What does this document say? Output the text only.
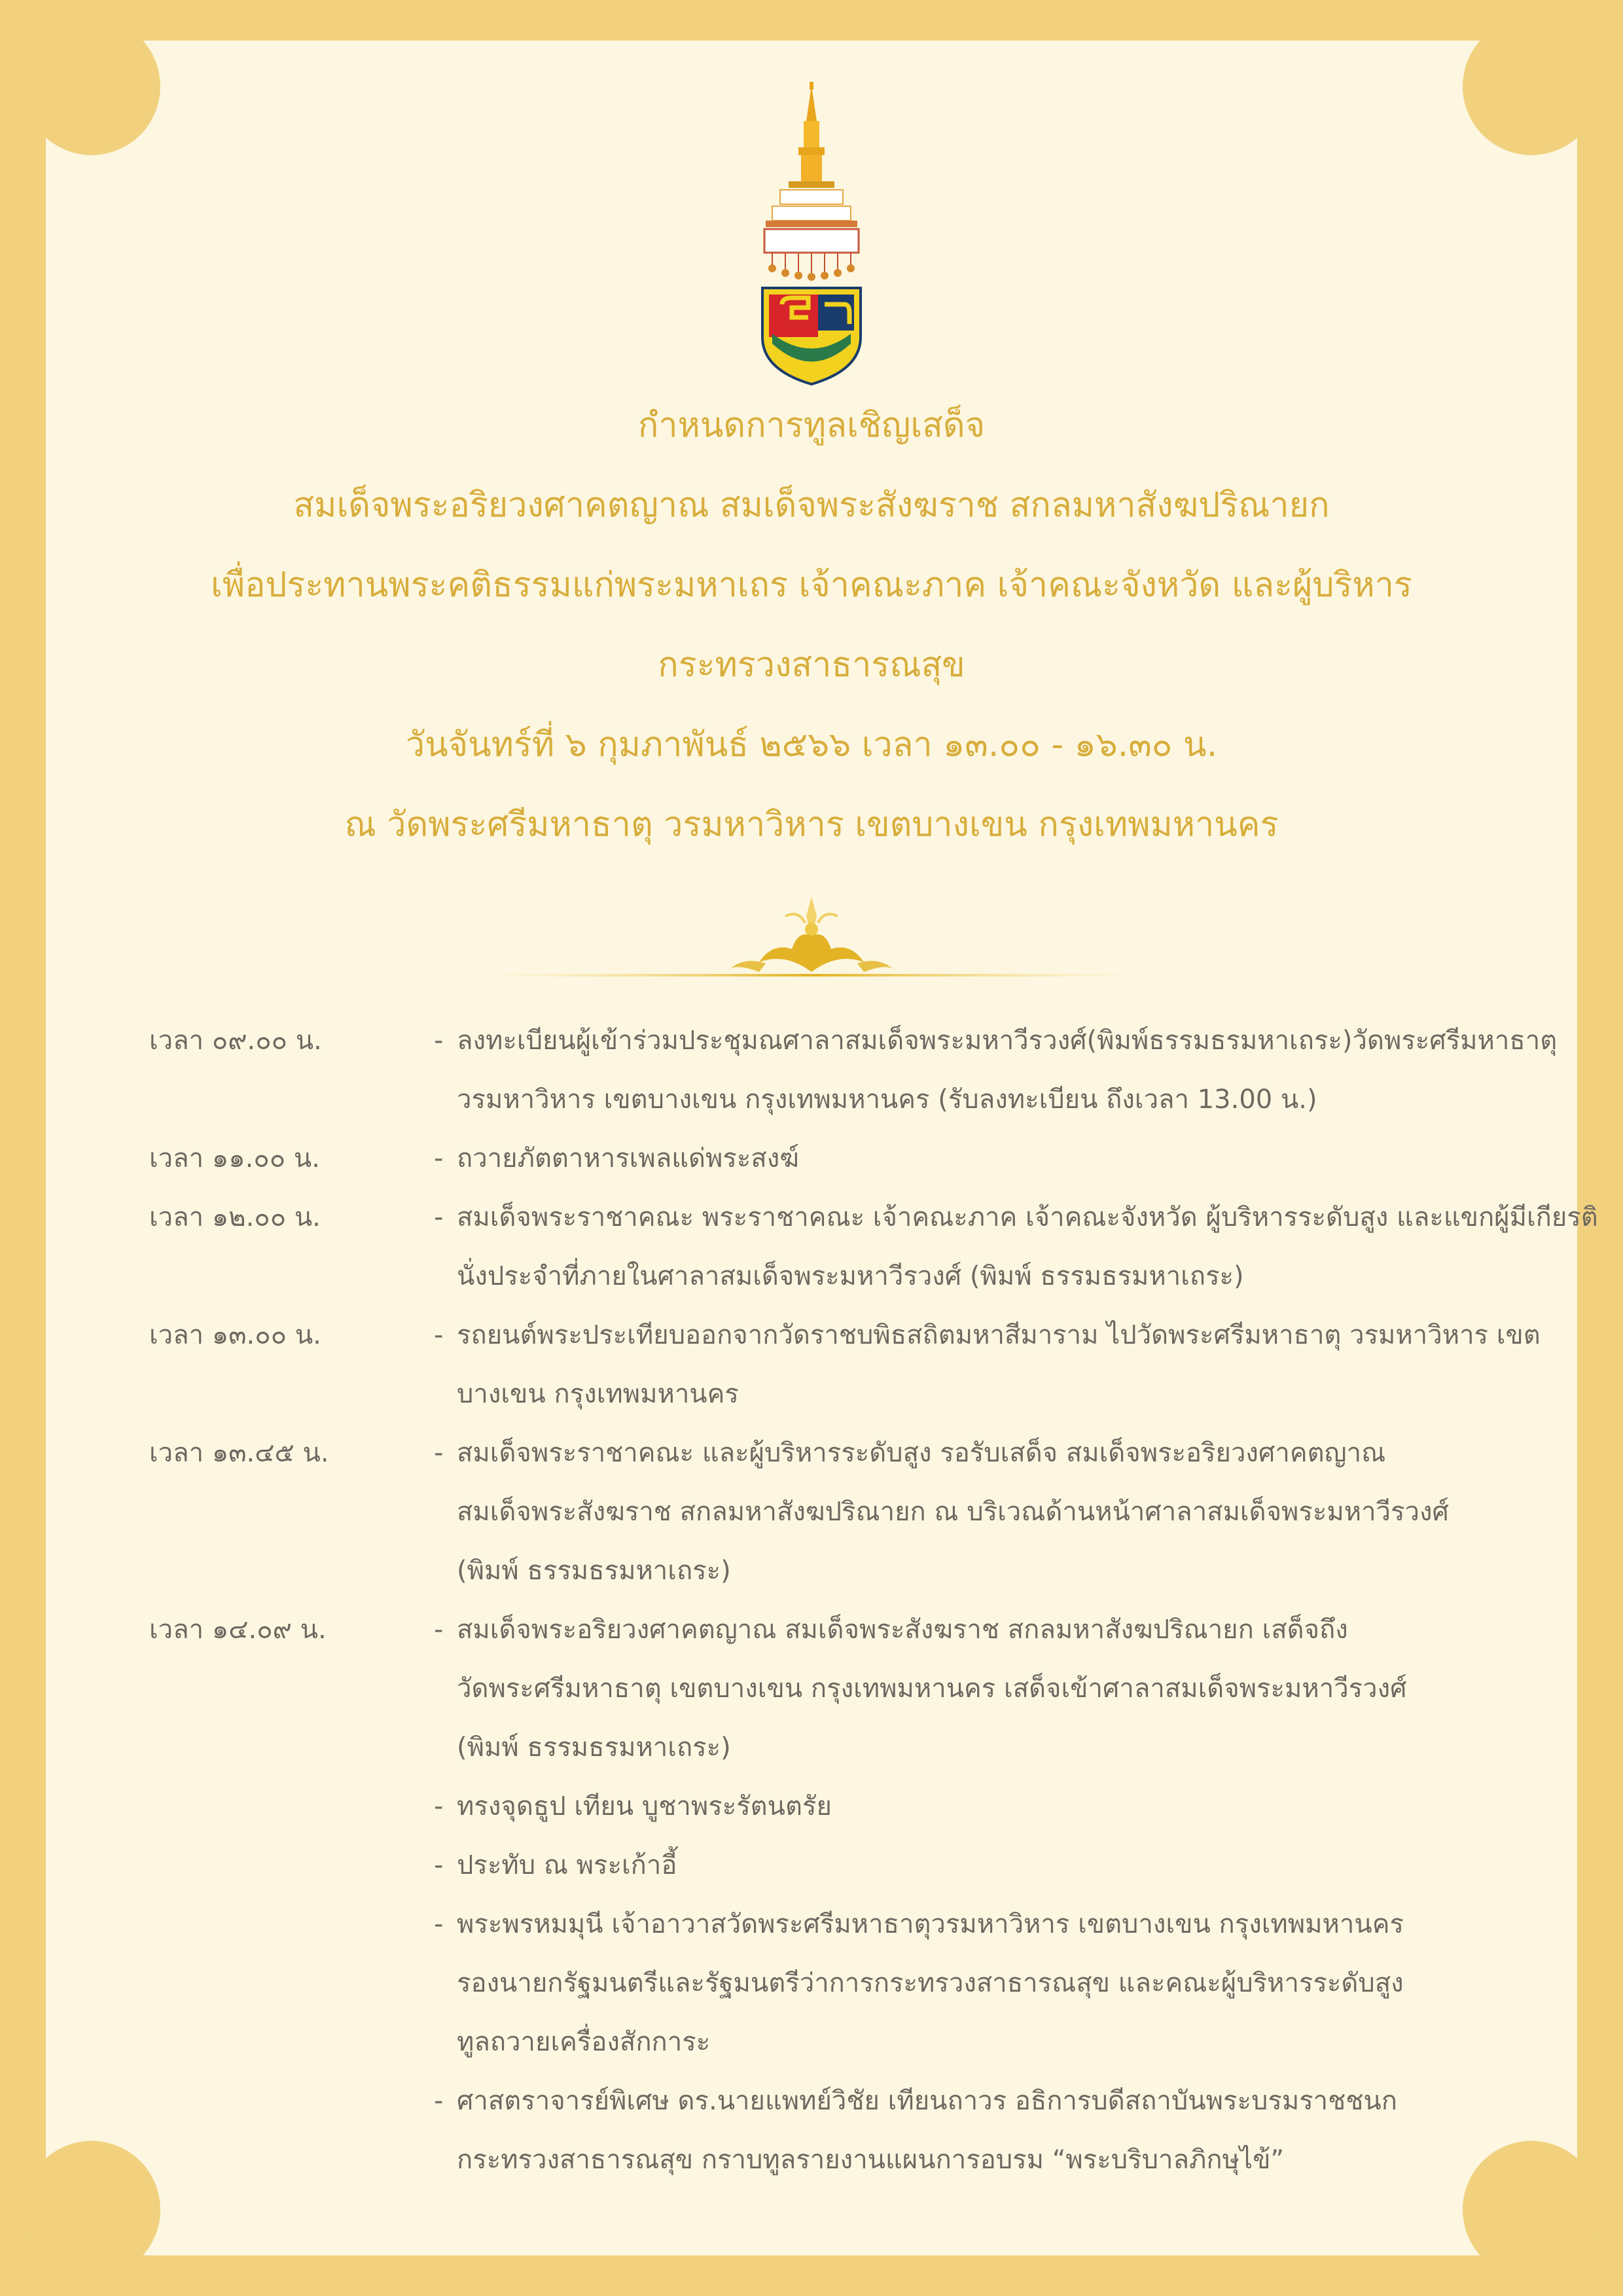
กำหนดการทูลเชิญเสด็จ
สมเด็จพระอริยวงศาคตญาณ สมเด็จพระสังฆราช สกลมหาสังฆปริณายก
เพื่อประทานพระคติธรรมแก่พระมหาเถร เจ้าคณะภาค เจ้าคณะจังหวัด และผู้บริหาร
กระทรวงสาธารณสุข
วันจันทร์ที่ ๖ กุมภาพันธ์ ๒๕๖๖ เวลา ๑๓.๐๐ - ๑๖.๓๐ น.
ณ วัดพระศรีมหาธาตุ วรมหาวิหาร เขตบางเขน กรุงเทพมหานคร
เวลา ๐๙.๐๐ น.	- ลงทะเบียนผู้เข้าร่วมประชุมณศาลาสมเด็จพระมหาวีรวงศ์(พิมพ์ธรรมธรมหาเถระ)วัดพระศรีมหาธาตุ
วรมหาวิหาร เขตบางเขน กรุงเทพมหานคร (รับลงทะเบียน ถึงเวลา 13.00 น.)
เวลา ๑๑.๐๐ น.	- ถวายภัตตาหารเพลแด่พระสงฆ์
เวลา ๑๒.๐๐ น.	- สมเด็จพระราชาคณะ พระราชาคณะ เจ้าคณะภาค เจ้าคณะจังหวัด ผู้บริหารระดับสูง และแขกผู้มีเกียรติ
นั่งประจำที่ภายในศาลาสมเด็จพระมหาวีรวงศ์ (พิมพ์ ธรรมธรมหาเถระ)
เวลา ๑๓.๐๐ น.	- รถยนต์พระประเทียบออกจากวัดราชบพิธสถิตมหาสีมาราม ไปวัดพระศรีมหาธาตุ วรมหาวิหาร เขต
บางเขน กรุงเทพมหานคร
เวลา ๑๓.๔๕ น.	- สมเด็จพระราชาคณะ และผู้บริหารระดับสูง รอรับเสด็จ สมเด็จพระอริยวงศาคตญาณ
สมเด็จพระสังฆราช สกลมหาสังฆปริณายก ณ บริเวณด้านหน้าศาลาสมเด็จพระมหาวีรวงศ์
(พิมพ์ ธรรมธรมหาเถระ)
เวลา ๑๔.๐๙ น.	- สมเด็จพระอริยวงศาคตญาณ สมเด็จพระสังฆราช สกลมหาสังฆปริณายก เสด็จถึง
วัดพระศรีมหาธาตุ เขตบางเขน กรุงเทพมหานคร เสด็จเข้าศาลาสมเด็จพระมหาวีรวงศ์
(พิมพ์ ธรรมธรมหาเถระ)
- ทรงจุดธูป เทียน บูชาพระรัตนตรัย
- ประทับ ณ พระเก้าอี้
- พระพรหมมุนี เจ้าอาวาสวัดพระศรีมหาธาตุวรมหาวิหาร เขตบางเขน กรุงเทพมหานคร
รองนายกรัฐมนตรีและรัฐมนตรีว่าการกระทรวงสาธารณสุข และคณะผู้บริหารระดับสูง
ทูลถวายเครื่องสักการะ
- ศาสตราจารย์พิเศษ ดร.นายแพทย์วิชัย เทียนถาวร อธิการบดีสถาบันพระบรมราชชนก
กระทรวงสาธารณสุข กราบทูลรายงานแผนการอบรม “พระบริบาลภิกษุไข้”
